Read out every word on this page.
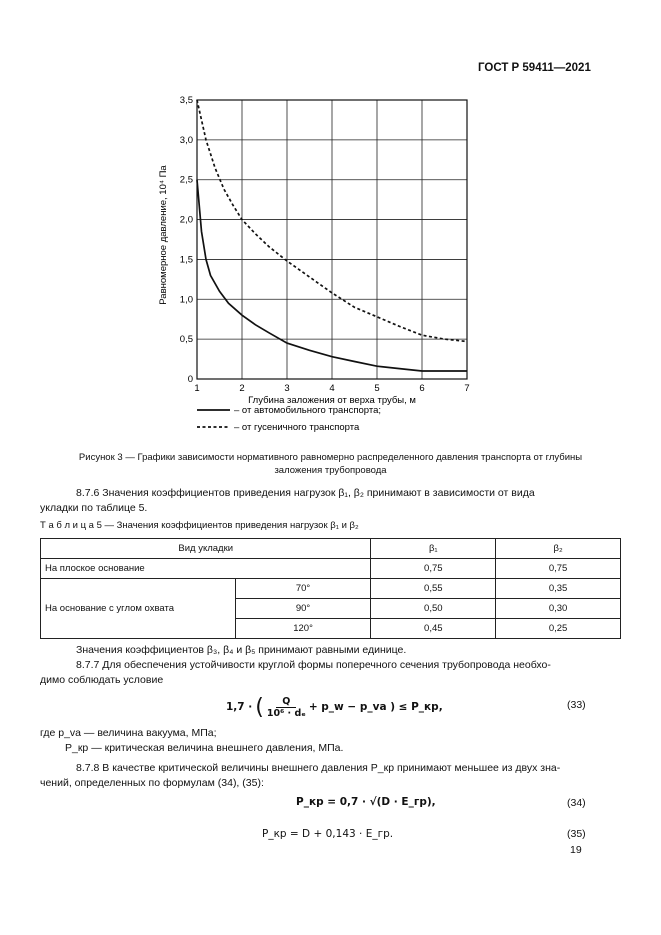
ГОСТ Р 59411—2021
1	2	3	4	5	6	7
0
0,5
1,0
1,5
2,0
2,5
3,0
3,5
Равномерное давление, 10⁴ Па
Глубина заложения от верха трубы, м
– от автомобильного транспорта;
– от гусеничного транспорта
Рисунок 3 — Графики зависимости нормативного равномерно распределенного давления транспорта от глубины
заложения трубопровода
8.7.6 Значения коэффициентов приведения нагрузок β₁, β₂ принимают в зависимости от вида
укладки по таблице 5.
Т а б л и ц а 5 — Значения коэффициентов приведения нагрузок β₁ и β₂
Вид укладки		β₁	β₂
На плоское основание		0,75	0,75
На основание с углом охвата	70°	0,55	0,35
	90°	0,50	0,30
	120°	0,45	0,25
Значения коэффициентов β₃, β₄ и β₅ принимают равными единице.
8.7.7 Для обеспечения устойчивости круглой формы поперечного сечения трубопровода необхо-
димо соблюдать условие
1,7 · ( $\frac{Q}{\text{10⁶ · dₑ}}$ + p_w − p_va ) ≤ P_кр,	(33)
где p_va — величина вакуума, МПа;
P_кр — критическая величина внешнего давления, МПа.
8.7.8 В качестве критической величины внешнего давления P_кр принимают меньшее из двух зна-
чений, определенных по формулам (34), (35):
P_кр = 0,7 · √(D · E_гр),	(34)
P_кр = D + 0,143 · E_гр.	(35)
19
